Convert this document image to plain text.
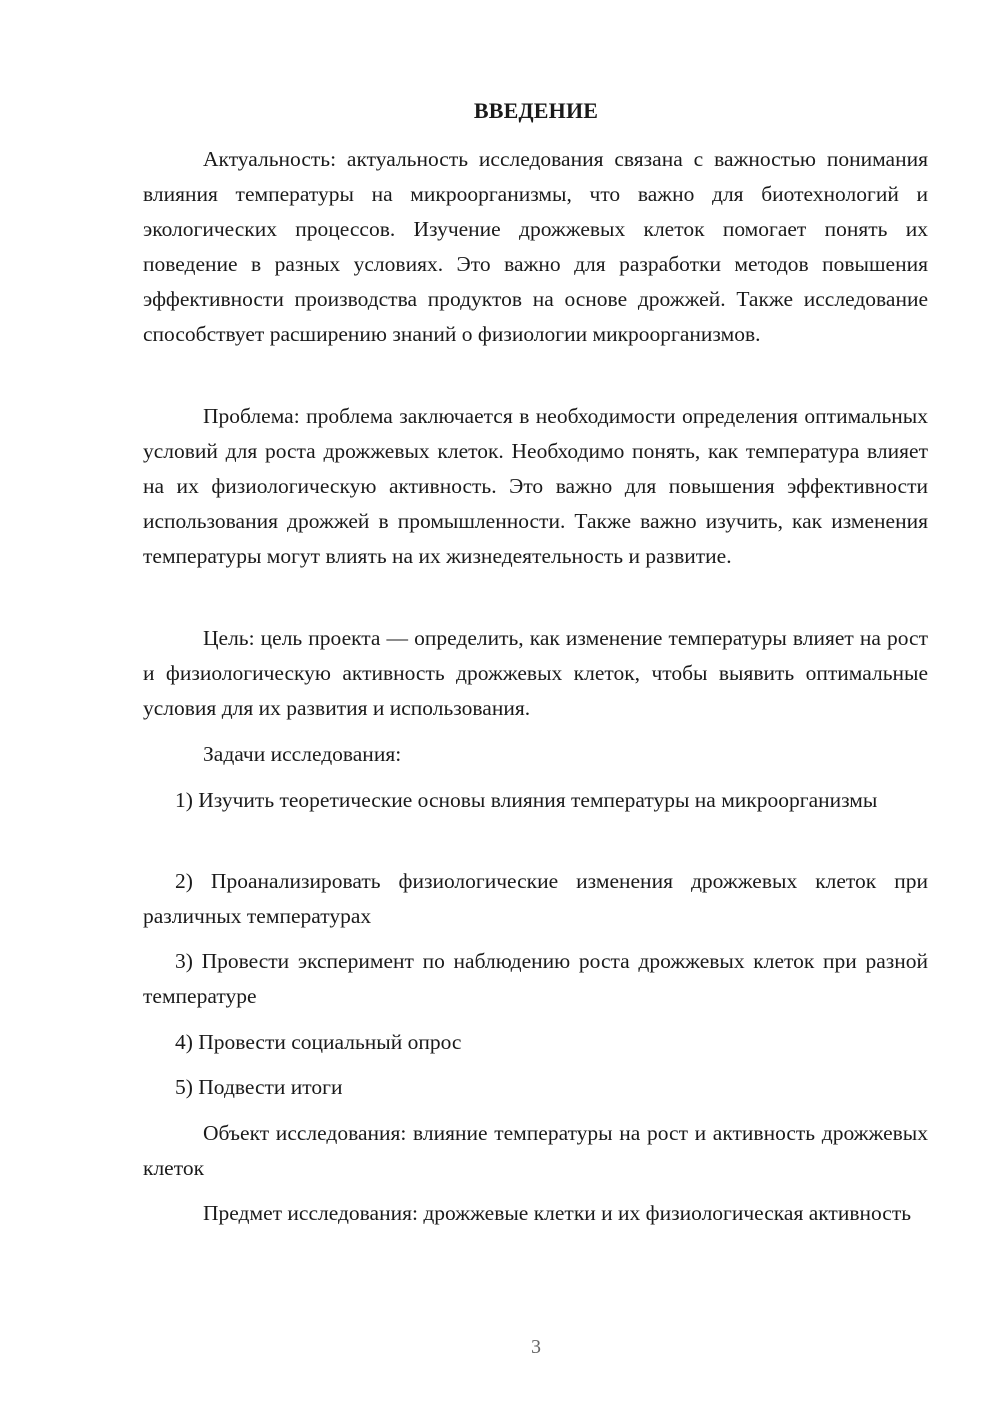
ВВЕДЕНИЕ

Актуальность: актуальность исследования связана с важностью понимания влияния температуры на микроорганизмы, что важно для биотехнологий и экологических процессов. Изучение дрожжевых клеток помогает понять их поведение в разных условиях. Это важно для разработки методов повышения эффективности производства продуктов на основе дрожжей. Также исследование способствует расширению знаний о физиологии микроорганизмов.

Проблема: проблема заключается в необходимости определения оптимальных условий для роста дрожжевых клеток. Необходимо понять, как температура влияет на их физиологическую активность. Это важно для повышения эффективности использования дрожжей в промышленности. Также важно изучить, как изменения температуры могут влиять на их жизнедеятельность и развитие.

Цель: цель проекта — определить, как изменение температуры влияет на рост и физиологическую активность дрожжевых клеток, чтобы выявить оптимальные условия для их развития и использования.

Задачи исследования:

1) Изучить теоретические основы влияния температуры на микроорганизмы

2) Проанализировать физиологические изменения дрожжевых клеток при различных температурах

3) Провести эксперимент по наблюдению роста дрожжевых клеток при разной температуре

4) Провести социальный опрос

5) Подвести итоги

Объект исследования: влияние температуры на рост и активность дрожжевых клеток

Предмет исследования: дрожжевые клетки и их физиологическая активность

3
